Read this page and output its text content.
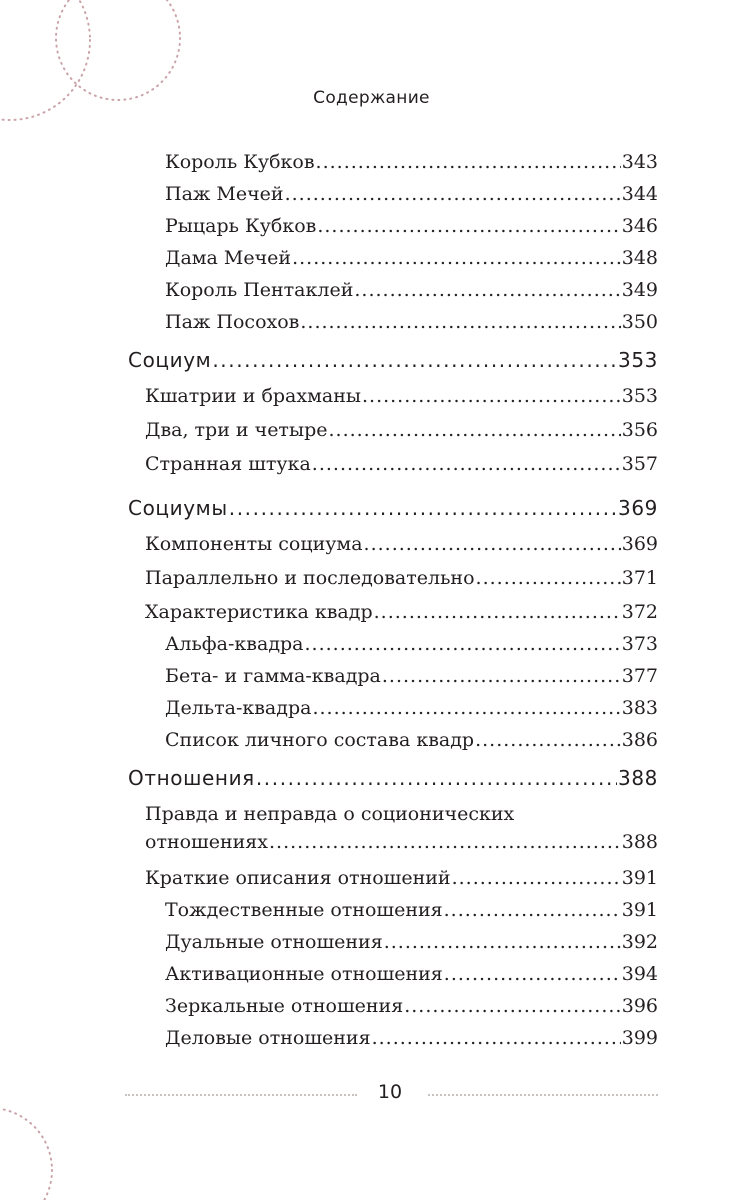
Содержание
Король Кубков .....	343
Паж Мечей .....	344
Рыцарь Кубков .....	346
Дама Мечей .....	348
Король Пентаклей .....	349
Паж Посохов .....	350
Социум .....	353
Кшатрии и брахманы .....	353
Два, три и четыре .....	356
Странная штука .....	357
Социумы .....	369
Компоненты социума .....	369
Параллельно и последовательно .....	371
Характеристика квадр .....	372
Альфа-квадра .....	373
Бета- и гамма-квадра .....	377
Дельта-квадра .....	383
Список личного состава квадр .....	386
Отношения .....	388
Правда и неправда о соционических
отношениях .....	388
Краткие описания отношений .....	391
Тождественные отношения .....	391
Дуальные отношения .....	392
Активационные отношения .....	394
Зеркальные отношения .....	396
Деловые отношения .....	399
10
